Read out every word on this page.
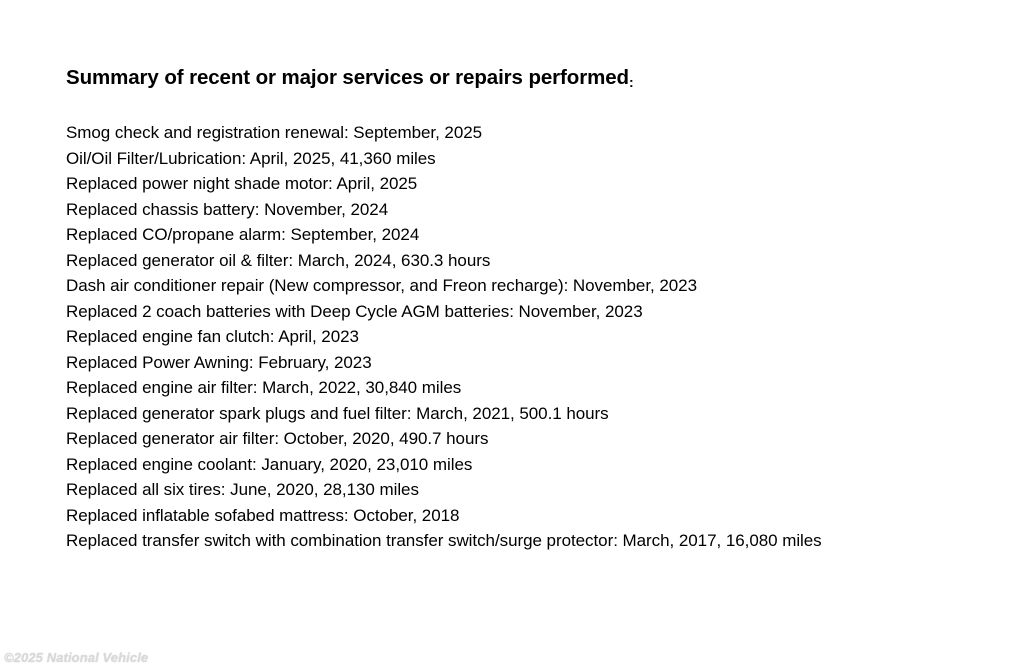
Summary of recent or major services or repairs performed:
Smog check and registration renewal: September, 2025
Oil/Oil Filter/Lubrication: April, 2025, 41,360 miles
Replaced power night shade motor: April, 2025
Replaced chassis battery: November, 2024
Replaced CO/propane alarm: September, 2024
Replaced generator oil & filter: March, 2024, 630.3 hours
Dash air conditioner repair (New compressor, and Freon recharge): November, 2023
Replaced 2 coach batteries with Deep Cycle AGM batteries: November, 2023
Replaced engine fan clutch: April, 2023
Replaced Power Awning: February, 2023
Replaced engine air filter: March, 2022, 30,840 miles
Replaced generator spark plugs and fuel filter: March, 2021, 500.1 hours
Replaced generator air filter: October, 2020, 490.7 hours
Replaced engine coolant: January, 2020, 23,010 miles
Replaced all six tires: June, 2020, 28,130 miles
Replaced inflatable sofabed mattress: October, 2018
Replaced transfer switch with combination transfer switch/surge protector: March, 2017, 16,080 miles
©2025 National Vehicle
